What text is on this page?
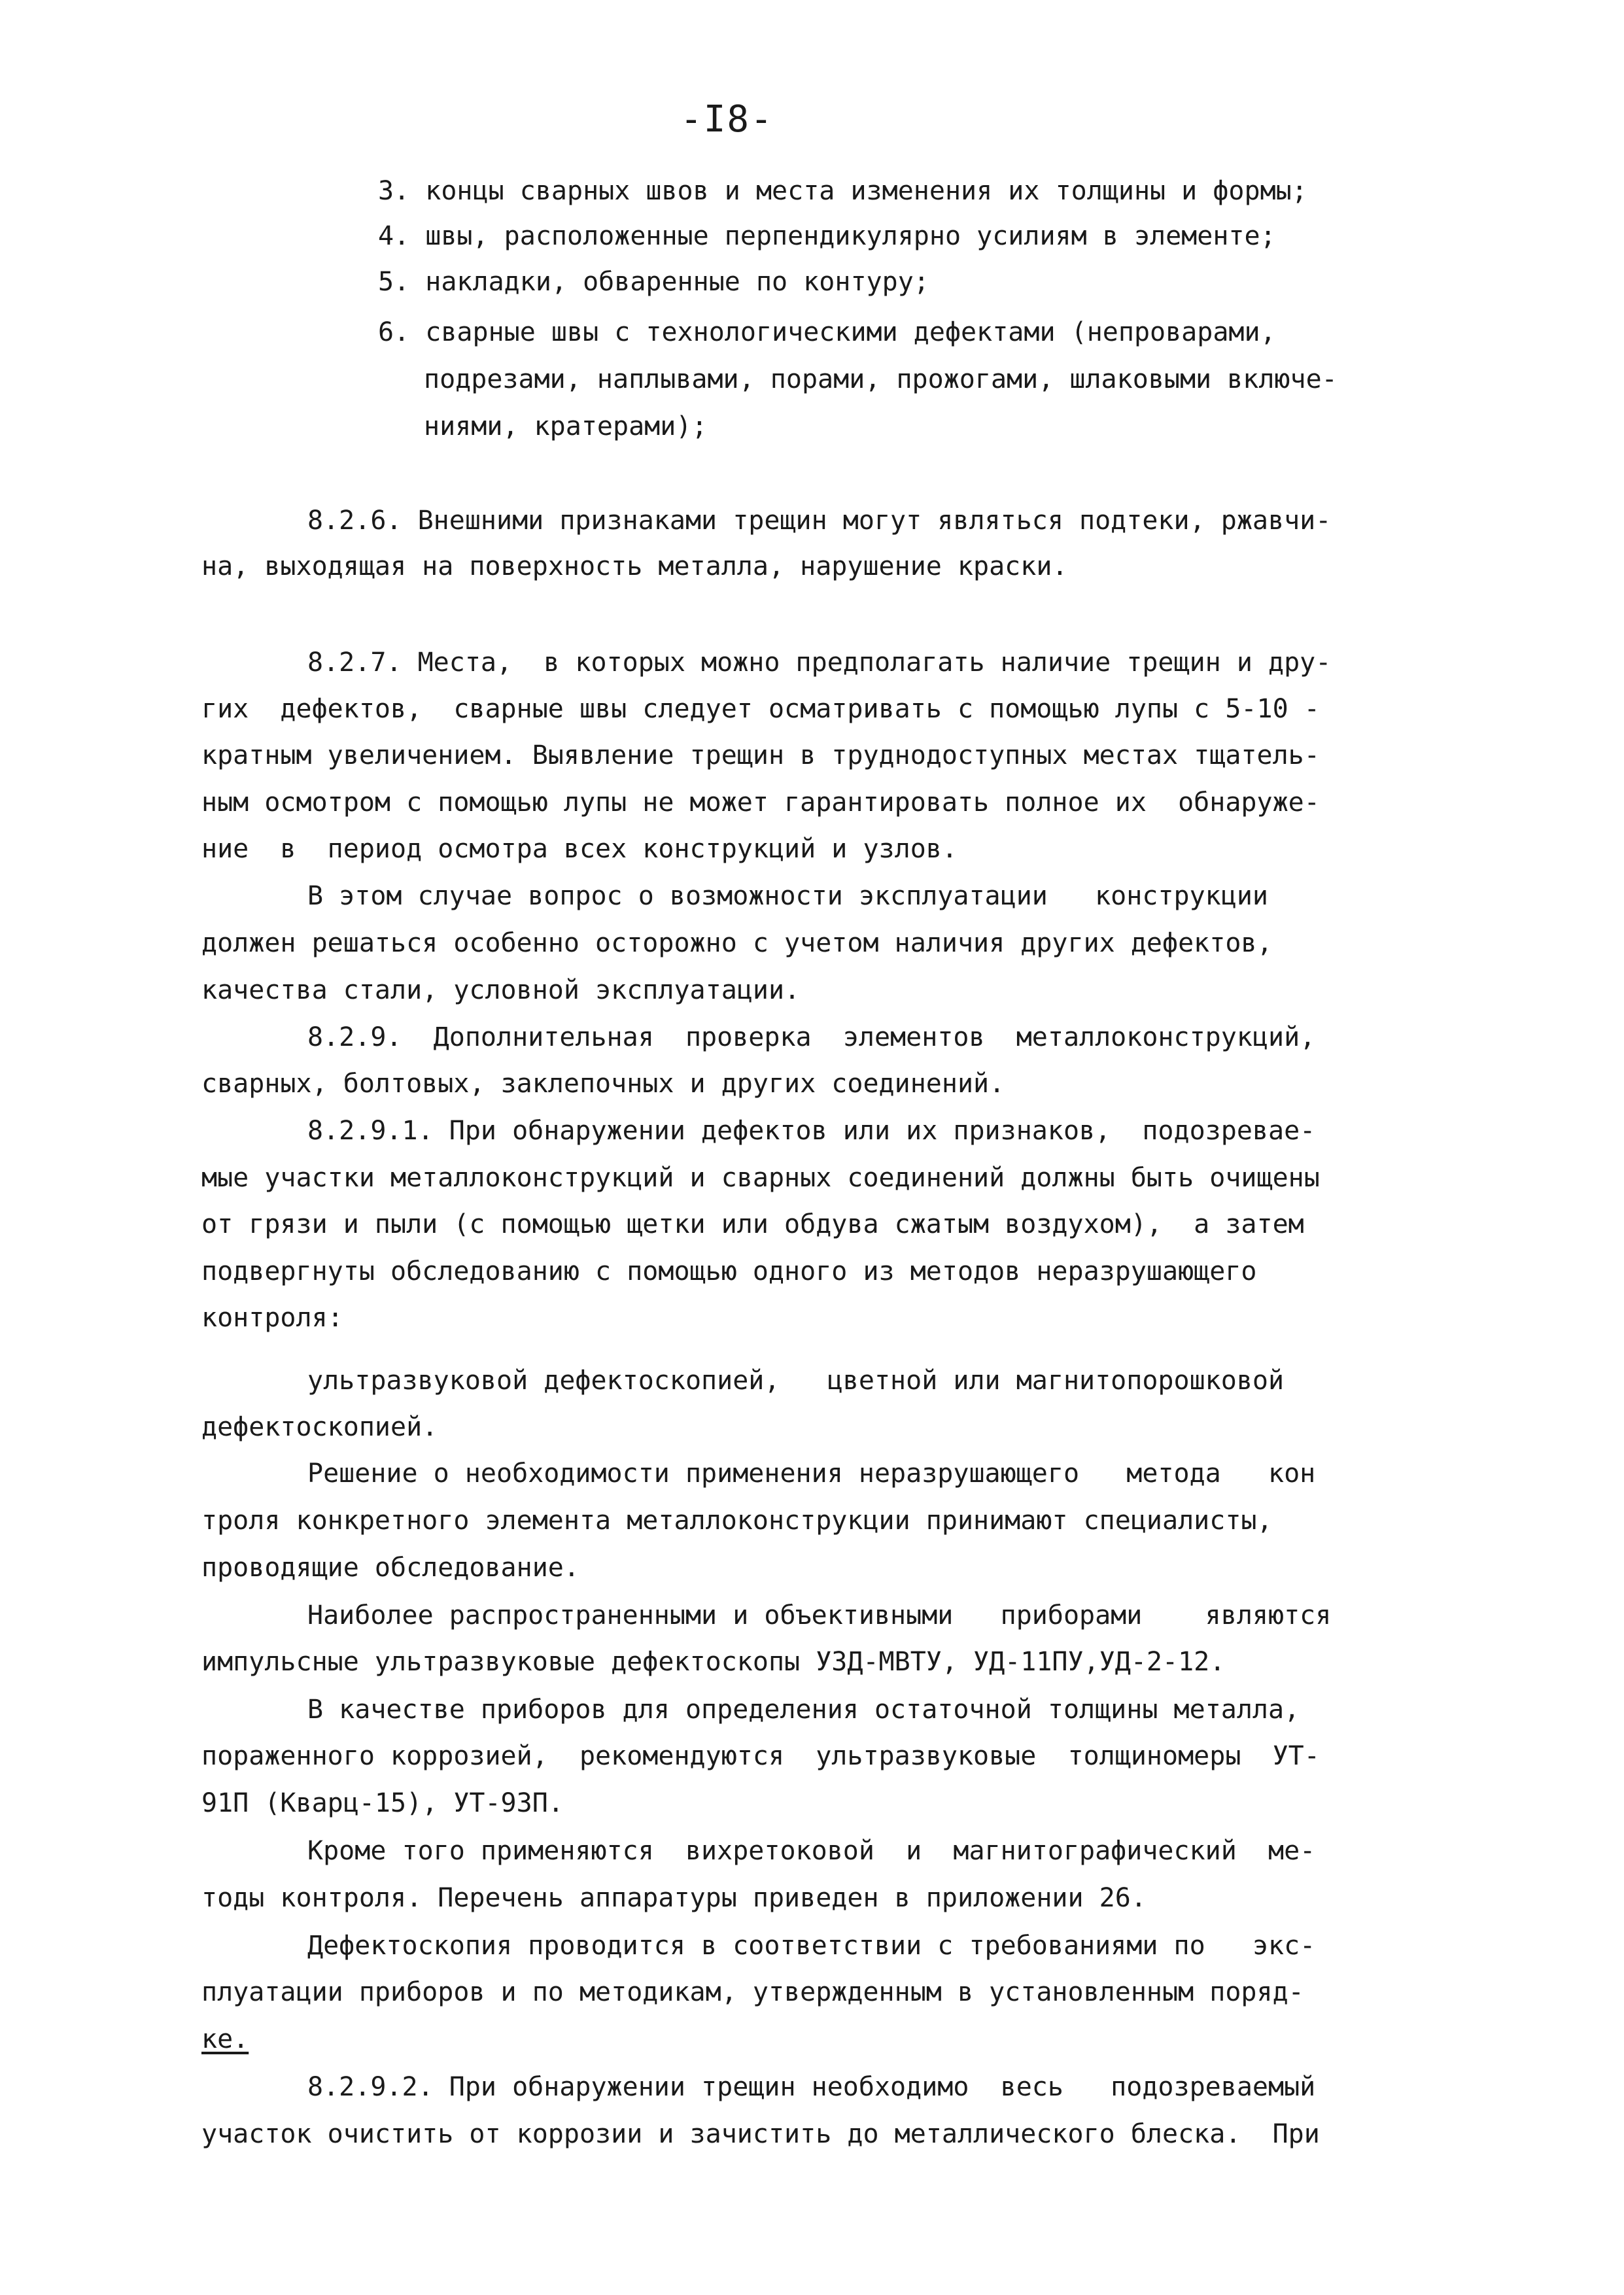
-I8-
3. концы сварных швов и места изменения их толщины и формы;
4. швы, расположенные перпендикулярно усилиям в элементе;
5. накладки, обваренные по контуру;
6. сварные швы с технологическими дефектами (непроварами,
подрезами, наплывами, порами, прожогами, шлаковыми включе-
ниями, кратерами);
8.2.6. Внешними признаками трещин могут являться подтеки, ржавчи-
на, выходящая на поверхность металла, нарушение краски.
8.2.7. Места,  в которых можно предполагать наличие трещин и дру-
гих  дефектов,  сварные швы следует осматривать с помощью лупы с 5-10 -
кратным увеличением. Выявление трещин в труднодоступных местах тщатель-
ным осмотром с помощью лупы не может гарантировать полное их  обнаруже-
ние  в  период осмотра всех конструкций и узлов.
В этом случае вопрос о возможности эксплуатации   конструкции
должен решаться особенно осторожно с учетом наличия других дефектов,
качества стали, условной эксплуатации.
8.2.9.  Дополнительная  проверка  элементов  металлоконструкций,
сварных, болтовых, заклепочных и других соединений.
8.2.9.1. При обнаружении дефектов или их признаков,  подозревае-
мые участки металлоконструкций и сварных соединений должны быть очищены
от грязи и пыли (с помощью щетки или обдува сжатым воздухом),  а затем
подвергнуты обследованию с помощью одного из методов неразрушающего
контроля:
ультразвуковой дефектоскопией,   цветной или магнитопорошковой
дефектоскопией.
Решение о необходимости применения неразрушающего   метода   кон
троля конкретного элемента металлоконструкции принимают специалисты,
проводящие обследование.
Наиболее распространенными и объективными   приборами    являются
импульсные ультразвуковые дефектоскопы УЗД-МВТУ, УД-11ПУ,УД-2-12.
В качестве приборов для определения остаточной толщины металла,
пораженного коррозией,  рекомендуются  ультразвуковые  толщиномеры  УТ-
91П (Кварц-15), УТ-93П.
Кроме того применяются  вихретоковой  и  магнитографический  ме-
тоды контроля. Перечень аппаратуры приведен в приложении 26.
Дефектоскопия проводится в соответствии с требованиями по   экс-
плуатации приборов и по методикам, утвержденным в установленным поряд-
ке.
8.2.9.2. При обнаружении трещин необходимо  весь   подозреваемый
участок очистить от коррозии и зачистить до металлического блеска.  При
